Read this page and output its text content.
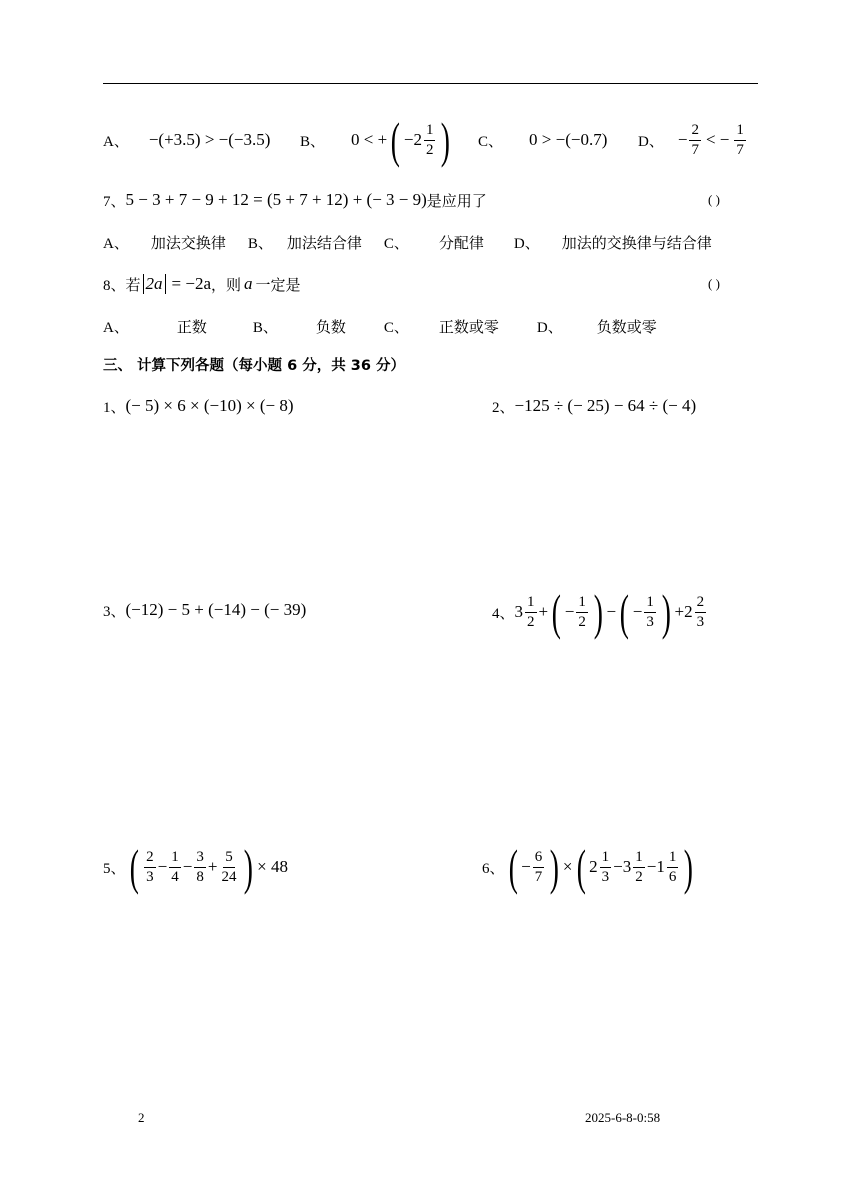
A、 −(+3.5) > −(−3.5) B、 0 < + ( $-2 \frac{1}{2}$ ) C、 0 > −(−0.7) D、 − $\frac{2}{7}$ < − $\frac{1}{7}$
7、 5 − 3 + 7 − 9 + 12 = (5 + 7 + 12) + (− 3 − 9) 是应用了	( )
A、 加法交换律 B、 加法结合律 C、 分配律 D、 加法的交换律与结合律
8、 若 2a = −2a ，则 a 一定是	( )
A、	正数	B、	负数	C、 正数或零	D、 负数或零
三、 计算下列各题（每小题 6 分，共 36 分）
1、 (− 5) × 6 × (−10) × (− 8)	2、 −125 ÷ (− 25) − 64 ÷ (− 4)
3、 (−12) − 5 + (−14) − (− 39)	4、 $3 \frac{1}{2}$ + ( − $\frac{1}{2}$ ) − ( − $\frac{1}{3}$ ) + $2 \frac{2}{3}$
5、 ( $\frac{2}{3} - \frac{1}{4} - \frac{3}{8} + \frac{5}{24}$ ) × 48	6、 ( − $\frac{6}{7}$ ) × ( $2 \frac{1}{3} - 3 \frac{1}{2} - 1 \frac{1}{6}$ )
2	2025-6-8-0:58
